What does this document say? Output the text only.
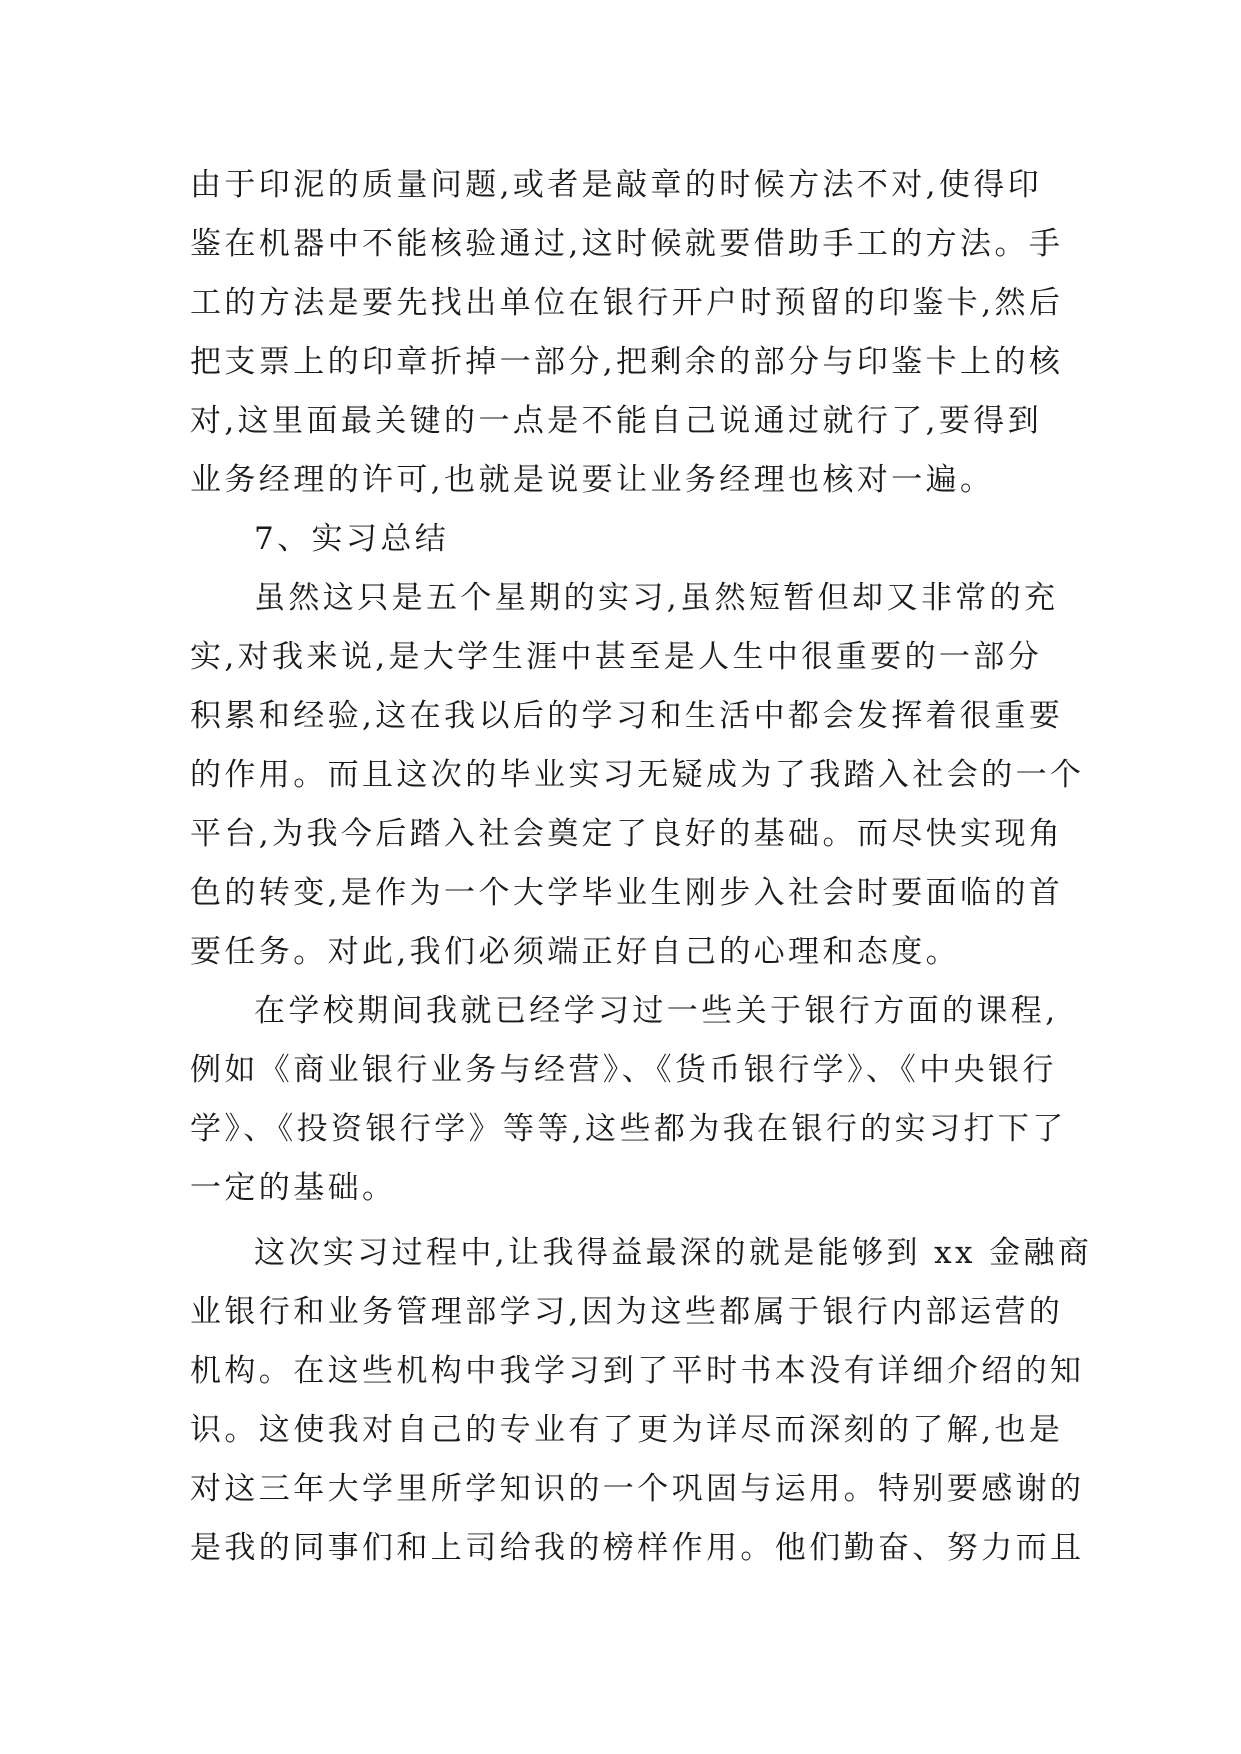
由于印泥的质量问题,或者是敲章的时候方法不对,使得印
鉴在机器中不能核验通过,这时候就要借助手工的方法。手
工的方法是要先找出单位在银行开户时预留的印鉴卡,然后
把支票上的印章折掉一部分,把剩余的部分与印鉴卡上的核
对,这里面最关键的一点是不能自己说通过就行了,要得到
业务经理的许可,也就是说要让业务经理也核对一遍。
7、实习总结
虽然这只是五个星期的实习,虽然短暂但却又非常的充
实,对我来说,是大学生涯中甚至是人生中很重要的一部分
积累和经验,这在我以后的学习和生活中都会发挥着很重要
的作用。而且这次的毕业实习无疑成为了我踏入社会的一个
平台,为我今后踏入社会奠定了良好的基础。而尽快实现角
色的转变,是作为一个大学毕业生刚步入社会时要面临的首
要任务。对此,我们必须端正好自己的心理和态度。
在学校期间我就已经学习过一些关于银行方面的课程,
例如《商业银行业务与经营》、《货币银行学》、《中央银行
学》、《投资银行学》等等,这些都为我在银行的实习打下了
一定的基础。
这次实习过程中,让我得益最深的就是能够到 xx 金融商
业银行和业务管理部学习,因为这些都属于银行内部运营的
机构。在这些机构中我学习到了平时书本没有详细介绍的知
识。这使我对自己的专业有了更为详尽而深刻的了解,也是
对这三年大学里所学知识的一个巩固与运用。特别要感谢的
是我的同事们和上司给我的榜样作用。他们勤奋、努力而且
